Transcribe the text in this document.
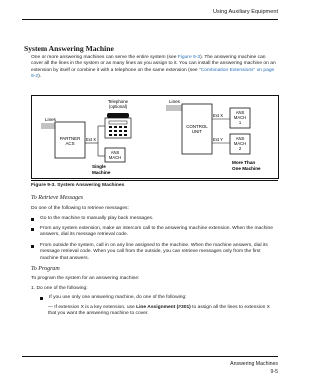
Using Auxiliary Equipment
System Answering Machine
One or more answering machines can serve the entire system (see Figure 9-3). The answering machine can cover all the lines in the system or as many lines as you assign to it. You can install the answering machine on an extension by itself or combine it with a telephone on the same extension (see "Combination Extensions" on page 9-2).
Lines
PARTNER
ACS
Ext X
Telephone
(optional)
ANS
MACH
Single
Machine
Lines
CONTROL
UNIT
Ext X
Ext Y
ANS
MACH
1
ANS
MACH
2
More Than
One Machine
Figure 9-3. System Answering Machines
To Retrieve Messages
Do one of the following to retrieve messages:
Go to the machine to manually play back messages.
From any system extension, make an intercom call to the answering machine extension. When the machine answers, dial its message retrieval code.
From outside the system, call in on any line assigned to the machine. When the machine answers, dial its message retrieval code. When you call from the outside, you can retrieve messages only from the first machine that answers.
To Program
To program the system for an answering machine:
1. Do one of the following:
If you use only one answering machine, do one of the following:
— If extension X is a key extension, use Line Assignment (#301) to assign all the lines to extension X that you want the answering machine to cover.
Answering Machines
9-5
